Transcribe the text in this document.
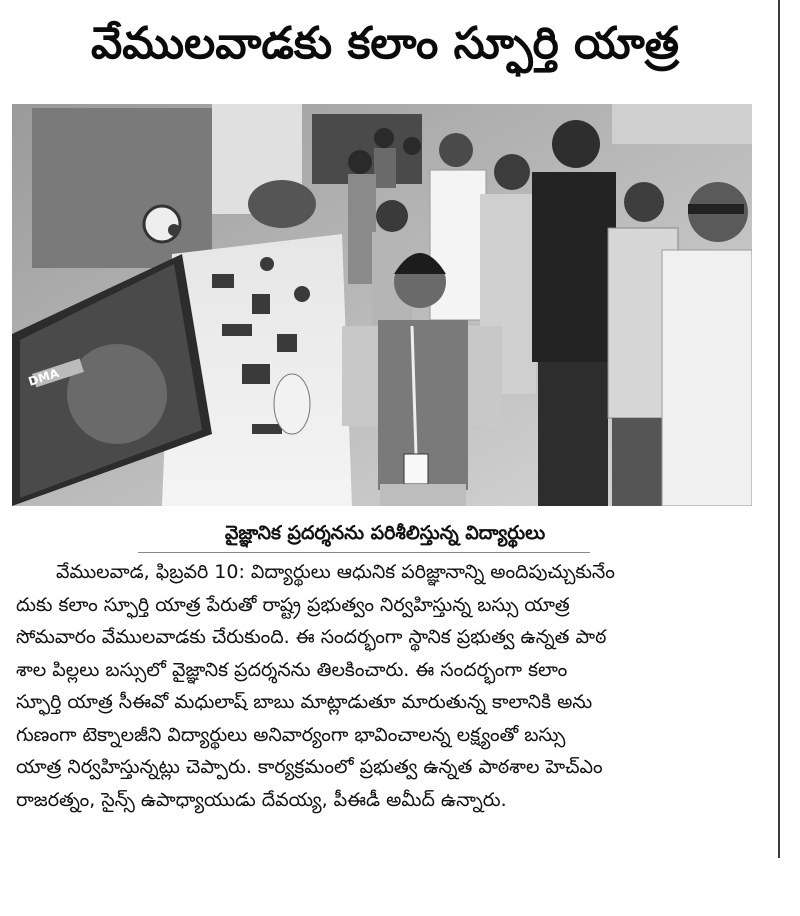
వేములవాడకు కలాం స్ఫూర్తి యాత్ర
DMA
వైజ్ఞానిక ప్రదర్శనను పరిశీలిస్తున్న విద్యార్థులు
వేములవాడ, ఫిబ్రవరి 10: విద్యార్థులు ఆధునిక పరిజ్ఞానాన్ని అందిపుచ్చుకునేం
దుకు కలాం స్ఫూర్తి యాత్ర పేరుతో రాష్ట్ర ప్రభుత్వం నిర్వహిస్తున్న బస్సు యాత్ర
సోమవారం వేములవాడకు చేరుకుంది. ఈ సందర్భంగా స్థానిక ప్రభుత్వ ఉన్నత పాఠ
శాల పిల్లలు బస్సులో వైజ్ఞానిక ప్రదర్శనను తిలకించారు. ఈ సందర్భంగా కలాం
స్ఫూర్తి యాత్ర సీఈవో మధులాష్ బాబు మాట్లాడుతూ మారుతున్న కాలానికి అను
గుణంగా టెక్నాలజీని విద్యార్థులు అనివార్యంగా భావించాలన్న లక్ష్యంతో బస్సు
యాత్ర నిర్వహిస్తున్నట్లు చెప్పారు. కార్యక్రమంలో ప్రభుత్వ ఉన్నత పాఠశాల హెచ్ఎం
రాజరత్నం, సైన్స్ ఉపాధ్యాయుడు దేవయ్య, పీఈడీ అమీద్ ఉన్నారు.
